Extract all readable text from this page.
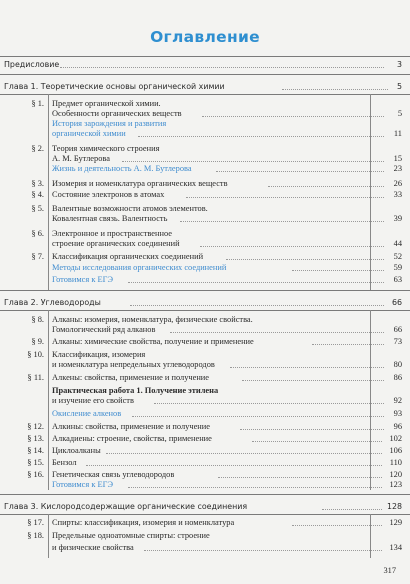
Оглавление
Предисловие	3
Глава 1. Теоретические основы органической химии	5
§ 1. Предмет органической химии.
Особенности органических веществ	5
История зарождения и развития
органической химии	11
§ 2. Теория химического строения
А. М. Бутлерова	15
Жизнь и деятельность А. М. Бутлерова	23
§ 3. Изомерия и номенклатура органических веществ	26
§ 4. Состояние электронов в атомах	33
§ 5. Валентные возможности атомов элементов.
Ковалентная связь. Валентность	39
§ 6. Электронное и пространственное
строение органических соединений	44
§ 7. Классификация органических соединений	52
Методы исследования органических соединений	59
Готовимся к ЕГЭ	63
Глава 2. Углеводороды	66
§ 8. Алканы: изомерия, номенклатура, физические свойства.
Гомологический ряд алканов	66
§ 9. Алканы: химические свойства, получение и применение	73
§ 10. Классификация, изомерия
и номенклатура непредельных углеводородов	80
§ 11. Алкены: свойства, применение и получение	86
Практическая работа 1. Получение этилена
и изучение его свойств	92
Окисление алкенов	93
§ 12. Алкины: свойства, применение и получение	96
§ 13. Алкадиены: строение, свойства, применение	102
§ 14. Циклоалканы	106
§ 15. Бензол	110
§ 16. Генетическая связь углеводородов	120
Готовимся к ЕГЭ	123
Глава 3. Кислородсодержащие органические соединения	128
§ 17. Спирты: классификация, изомерия и номенклатура	129
§ 18. Предельные одноатомные спирты: строение
и физические свойства	134
317
